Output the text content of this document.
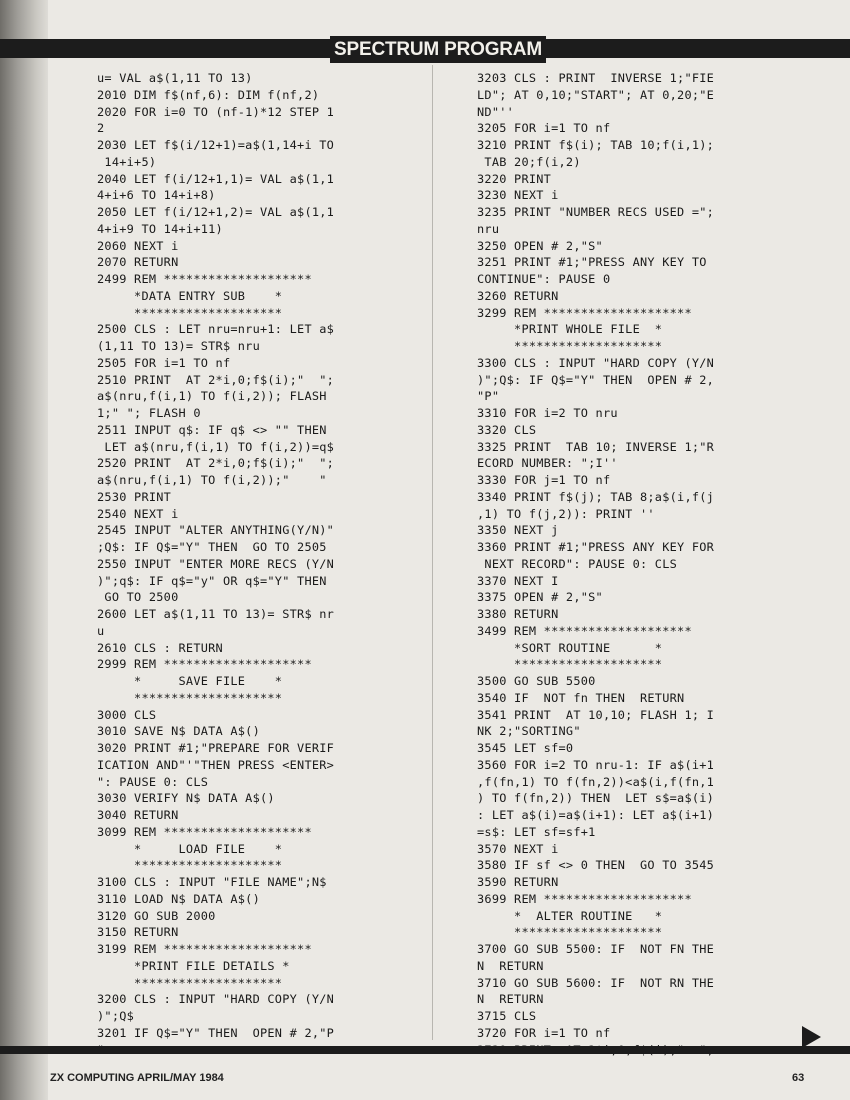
SPECTRUM PROGRAM
u= VAL a$(1,11 TO 13)
2010 DIM f$(nf,6): DIM f(nf,2)
2020 FOR i=0 TO (nf-1)*12 STEP 1
2
2030 LET f$(i/12+1)=a$(1,14+i TO
14+i+5)
2040 LET f(i/12+1,1)= VAL a$(1,1
4+i+6 TO 14+i+8)
2050 LET f(i/12+1,2)= VAL a$(1,1
4+i+9 TO 14+i+11)
2060 NEXT i
2070 RETURN
2499 REM ********************
*DATA ENTRY SUB    *
********************
2500 CLS : LET nru=nru+1: LET a$
(1,11 TO 13)= STR$ nru
2505 FOR i=1 TO nf
2510 PRINT  AT 2*i,0;f$(i);"  ";
a$(nru,f(i,1) TO f(i,2)); FLASH
1;" "; FLASH 0
2511 INPUT q$: IF q$ <> "" THEN
LET a$(nru,f(i,1) TO f(i,2))=q$
2520 PRINT  AT 2*i,0;f$(i);"  ";
a$(nru,f(i,1) TO f(i,2));"    "
2530 PRINT
2540 NEXT i
2545 INPUT "ALTER ANYTHING(Y/N)"
;Q$: IF Q$="Y" THEN  GO TO 2505
2550 INPUT "ENTER MORE RECS (Y/N
)";q$: IF q$="y" OR q$="Y" THEN
GO TO 2500
2600 LET a$(1,11 TO 13)= STR$ nr
u
2610 CLS : RETURN
2999 REM ********************
*     SAVE FILE    *
********************
3000 CLS
3010 SAVE N$ DATA A$()
3020 PRINT #1;"PREPARE FOR VERIF
ICATION AND"'"THEN PRESS <ENTER>
": PAUSE 0: CLS
3030 VERIFY N$ DATA A$()
3040 RETURN
3099 REM ********************
*     LOAD FILE    *
********************
3100 CLS : INPUT "FILE NAME";N$
3110 LOAD N$ DATA A$()
3120 GO SUB 2000
3150 RETURN
3199 REM ********************
*PRINT FILE DETAILS *
********************
3200 CLS : INPUT "HARD COPY (Y/N
)";Q$
3201 IF Q$="Y" THEN  OPEN # 2,"P
3203 CLS : PRINT  INVERSE 1;"FIE
LD"; AT 0,10;"START"; AT 0,20;"E
ND"''
3205 FOR i=1 TO nf
3210 PRINT f$(i); TAB 10;f(i,1);
TAB 20;f(i,2)
3220 PRINT
3230 NEXT i
3235 PRINT "NUMBER RECS USED =";
nru
3250 OPEN # 2,"S"
3251 PRINT #1;"PRESS ANY KEY TO
CONTINUE": PAUSE 0
3260 RETURN
3299 REM ********************
*PRINT WHOLE FILE  *
********************
3300 CLS : INPUT "HARD COPY (Y/N
)";Q$: IF Q$="Y" THEN  OPEN # 2,
"P"
3310 FOR i=2 TO nru
3320 CLS
3325 PRINT  TAB 10; INVERSE 1;"R
ECORD NUMBER: ";I''
3330 FOR j=1 TO nf
3340 PRINT f$(j); TAB 8;a$(i,f(j
,1) TO f(j,2)): PRINT ''
3350 NEXT j
3360 PRINT #1;"PRESS ANY KEY FOR
NEXT RECORD": PAUSE 0: CLS
3370 NEXT I
3375 OPEN # 2,"S"
3380 RETURN
3499 REM ********************
*SORT ROUTINE      *
********************
3500 GO SUB 5500
3540 IF  NOT fn THEN  RETURN
3541 PRINT  AT 10,10; FLASH 1; I
NK 2;"SORTING"
3545 LET sf=0
3560 FOR i=2 TO nru-1: IF a$(i+1
,f(fn,1) TO f(fn,2))<a$(i,f(fn,1
) TO f(fn,2)) THEN  LET s$=a$(i)
: LET a$(i)=a$(i+1): LET a$(i+1)
=s$: LET sf=sf+1
3570 NEXT i
3580 IF sf <> 0 THEN  GO TO 3545
3590 RETURN
3699 REM ********************
*  ALTER ROUTINE   *
********************
3700 GO SUB 5500: IF  NOT FN THE
N  RETURN
3710 GO SUB 5600: IF  NOT RN THE
N  RETURN
3715 CLS
3720 FOR i=1 TO nf
ZX COMPUTING APRIL/MAY 1984	63
